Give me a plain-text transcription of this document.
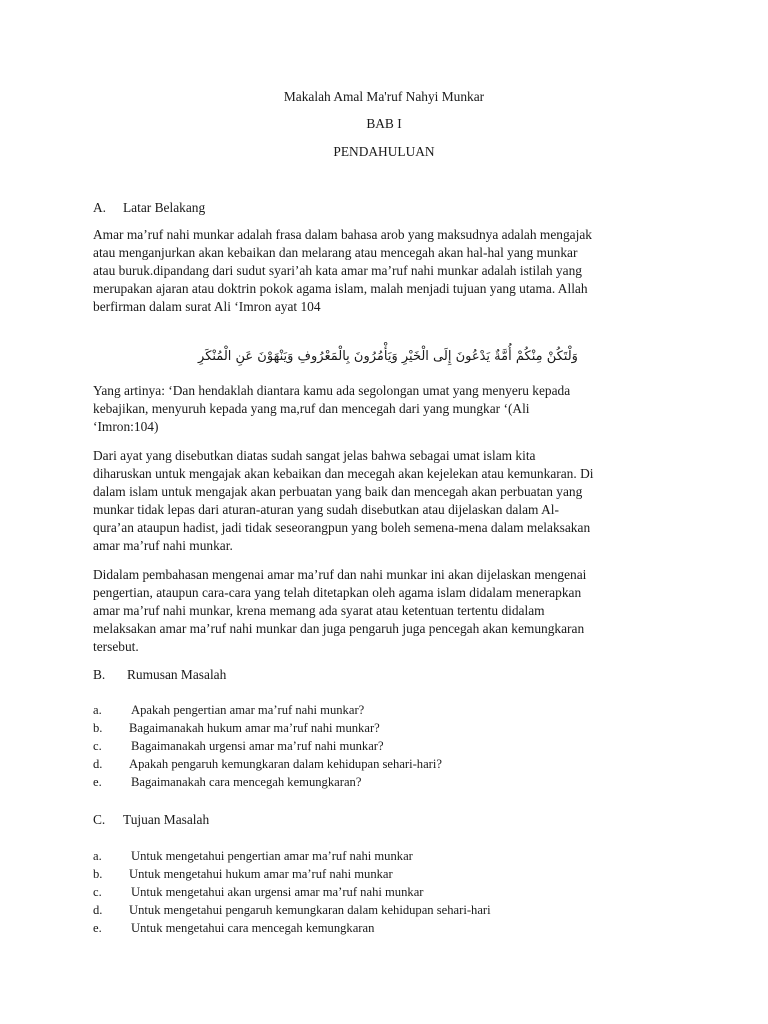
Makalah Amal Ma'ruf Nahyi Munkar
BAB I
PENDAHULUAN
A. Latar Belakang
Amar ma’ruf nahi munkar adalah frasa dalam bahasa arob yang maksudnya adalah mengajak
atau menganjurkan akan kebaikan dan melarang atau mencegah akan hal-hal yang munkar
atau buruk.dipandang dari sudut syari’ah kata amar ma’ruf nahi munkar adalah istilah yang
merupakan ajaran atau doktrin pokok agama islam, malah menjadi tujuan yang utama. Allah
berfirman dalam surat Ali ‘Imron ayat 104
وَلْتَكُنْ مِنْكُمْ أُمَّةٌ يَدْعُونَ إِلَى الْخَيْرِ وَيَأْمُرُونَ بِالْمَعْرُوفِ وَيَنْهَوْنَ عَنِ الْمُنْكَرِ
Yang artinya: ‘Dan hendaklah diantara kamu ada segolongan umat yang menyeru kepada
kebajikan, menyuruh kepada yang ma,ruf dan mencegah dari yang mungkar ‘(Ali
‘Imron:104)
Dari ayat yang disebutkan diatas sudah sangat jelas bahwa sebagai umat islam kita
diharuskan untuk mengajak akan kebaikan dan mecegah akan kejelekan atau kemunkaran. Di
dalam islam untuk mengajak akan perbuatan yang baik dan mencegah akan perbuatan yang
munkar tidak lepas dari aturan-aturan yang sudah disebutkan atau dijelaskan dalam Al-
qura’an ataupun hadist, jadi tidak seseorangpun yang boleh semena-mena dalam melaksakan
amar ma’ruf nahi munkar.
Didalam pembahasan mengenai amar ma’ruf dan nahi munkar ini akan dijelaskan mengenai
pengertian, ataupun cara-cara yang telah ditetapkan oleh agama islam didalam menerapkan
amar ma’ruf nahi munkar, krena memang ada syarat atau ketentuan tertentu didalam
melaksakan amar ma’ruf nahi munkar dan juga pengaruh juga pencegah akan kemungkaran
tersebut.
B. Rumusan Masalah
a. Apakah pengertian amar ma’ruf nahi munkar?
b. Bagaimanakah hukum amar ma’ruf nahi munkar?
c. Bagaimanakah urgensi amar ma’ruf nahi munkar?
d. Apakah pengaruh kemungkaran dalam kehidupan sehari-hari?
e. Bagaimanakah cara mencegah kemungkaran?
C. Tujuan Masalah
a. Untuk mengetahui pengertian amar ma’ruf nahi munkar
b. Untuk mengetahui hukum amar ma’ruf nahi munkar
c. Untuk mengetahui akan urgensi amar ma’ruf nahi munkar
d. Untuk mengetahui pengaruh kemungkaran dalam kehidupan sehari-hari
e. Untuk mengetahui cara mencegah kemungkaran
